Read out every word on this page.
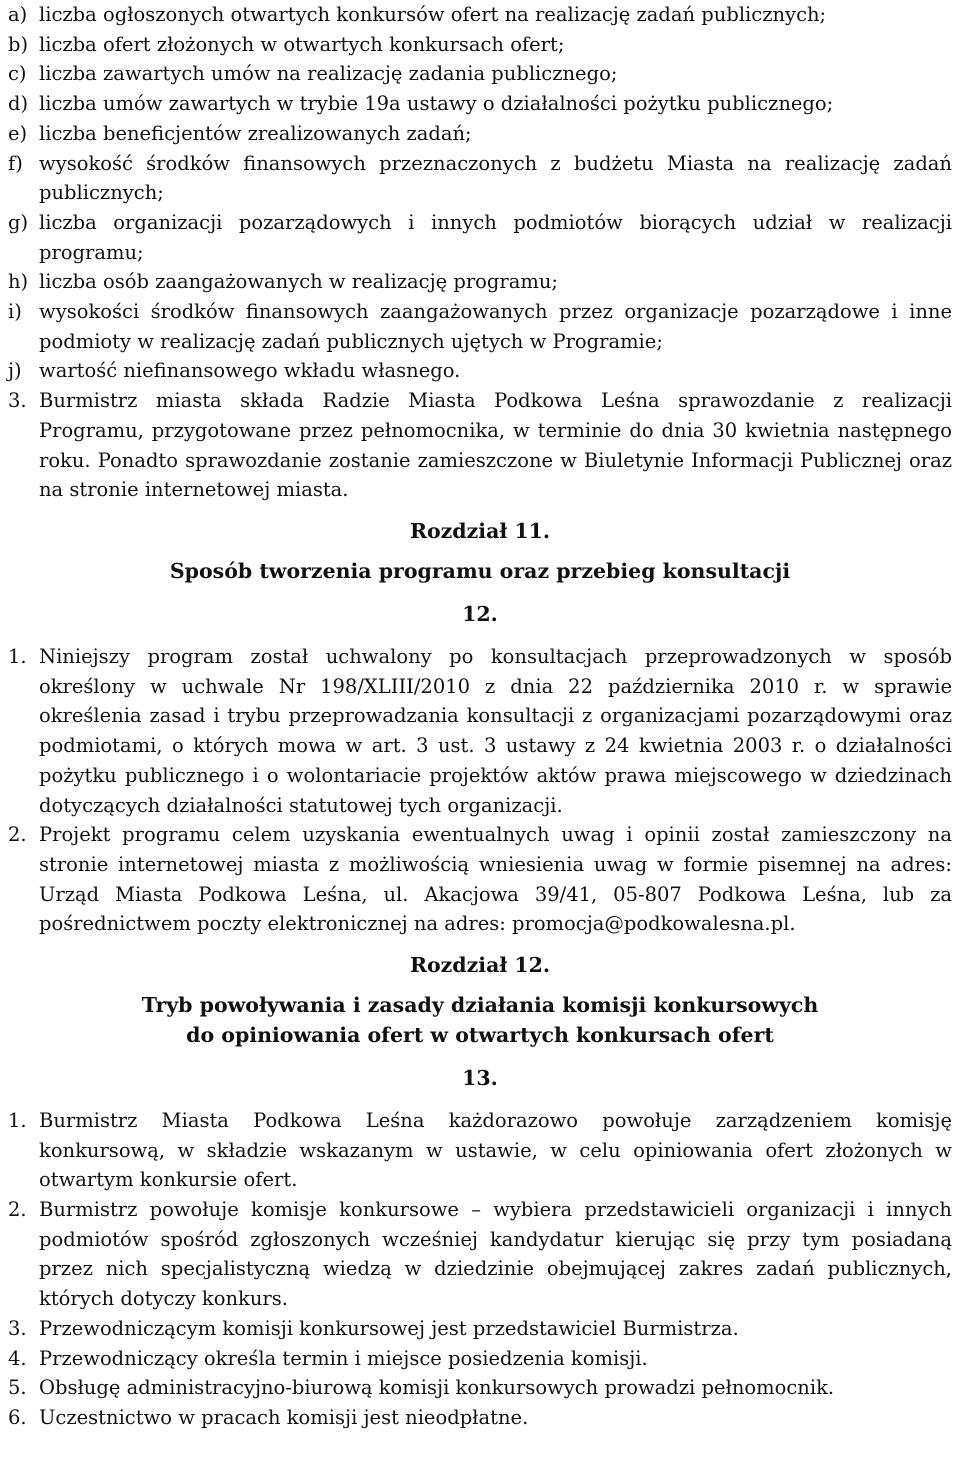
a) liczba ogłoszonych otwartych konkursów ofert na realizację zadań publicznych;
b) liczba ofert złożonych w otwartych konkursach ofert;
c) liczba zawartych umów na realizację zadania publicznego;
d) liczba umów zawartych w trybie 19a ustawy o działalności pożytku publicznego;
e) liczba beneficjentów zrealizowanych zadań;
f) wysokość środków finansowych przeznaczonych z budżetu Miasta na realizację zadań publicznych;
g) liczba organizacji pozarządowych i innych podmiotów biorących udział w realizacji programu;
h) liczba osób zaangażowanych w realizację programu;
i) wysokości środków finansowych zaangażowanych przez organizacje pozarządowe i inne podmioty w realizację zadań publicznych ujętych w Programie;
j) wartość niefinansowego wkładu własnego.
3. Burmistrz miasta składa Radzie Miasta Podkowa Leśna sprawozdanie z realizacji Programu, przygotowane przez pełnomocnika, w terminie do dnia 30 kwietnia następnego roku. Ponadto sprawozdanie zostanie zamieszczone w Biuletynie Informacji Publicznej oraz na stronie internetowej miasta.
Rozdział 11.
Sposób tworzenia programu oraz przebieg konsultacji
12.
1. Niniejszy program został uchwalony po konsultacjach przeprowadzonych w sposób określony w uchwale Nr 198/XLIII/2010 z dnia 22 października 2010 r. w sprawie określenia zasad i trybu przeprowadzania konsultacji z organizacjami pozarządowymi oraz podmiotami, o których mowa w art. 3 ust. 3 ustawy z 24 kwietnia 2003 r. o działalności pożytku publicznego i o wolontariacie projektów aktów prawa miejscowego w dziedzinach dotyczących działalności statutowej tych organizacji.
2. Projekt programu celem uzyskania ewentualnych uwag i opinii został zamieszczony na stronie internetowej miasta z możliwością wniesienia uwag w formie pisemnej na adres: Urząd Miasta Podkowa Leśna, ul. Akacjowa 39/41, 05-807 Podkowa Leśna, lub za pośrednictwem poczty elektronicznej na adres: promocja@podkowalesna.pl.
Rozdział 12.
Tryb powoływania i zasady działania komisji konkursowych
do opiniowania ofert w otwartych konkursach ofert
13.
1. Burmistrz Miasta Podkowa Leśna każdorazowo powołuje zarządzeniem komisję konkursową, w składzie wskazanym w ustawie, w celu opiniowania ofert złożonych w otwartym konkursie ofert.
2. Burmistrz powołuje komisje konkursowe – wybiera przedstawicieli organizacji i innych podmiotów spośród zgłoszonych wcześniej kandydatur kierując się przy tym posiadaną przez nich specjalistyczną wiedzą w dziedzinie obejmującej zakres zadań publicznych, których dotyczy konkurs.
3. Przewodniczącym komisji konkursowej jest przedstawiciel Burmistrza.
4. Przewodniczący określa termin i miejsce posiedzenia komisji.
5. Obsługę administracyjno-biurową komisji konkursowych prowadzi pełnomocnik.
6. Uczestnictwo w pracach komisji jest nieodpłatne.
